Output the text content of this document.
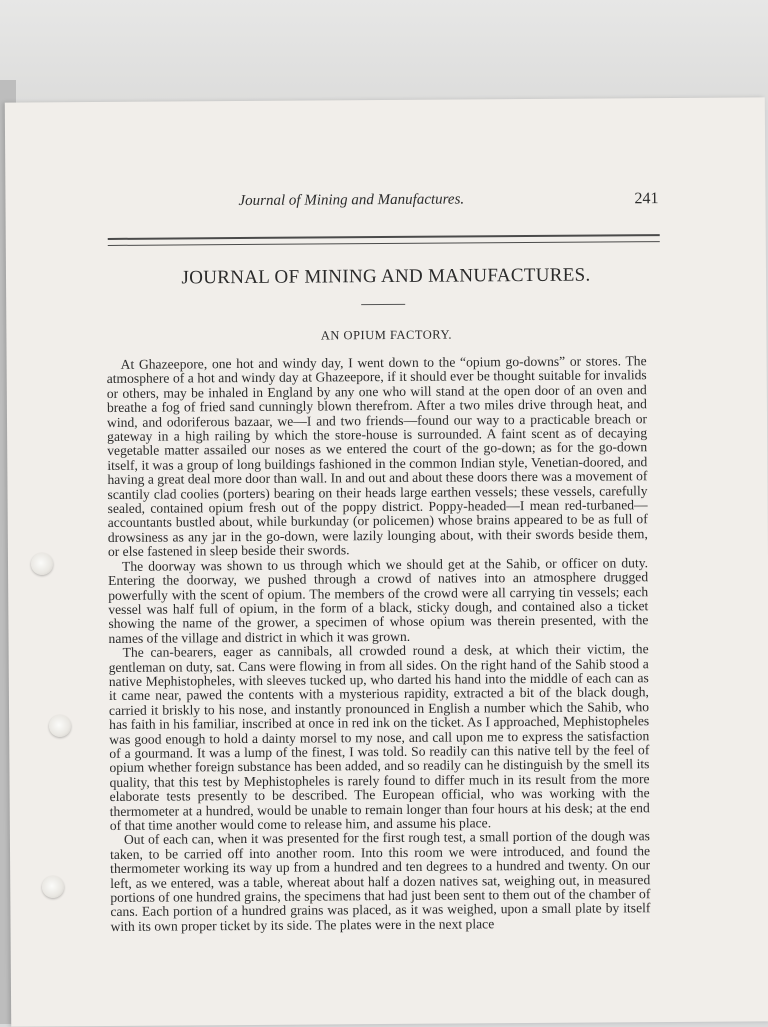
Journal of Mining and Manufactures.	241
JOURNAL OF MINING AND MANUFACTURES.
AN OPIUM FACTORY.

At Ghazeepore, one hot and windy day, I went down to the “opium go-downs” or stores. The atmosphere of a hot and windy day at Ghazeepore, if it should ever be thought suitable for invalids or others, may be inhaled in England by any one who will stand at the open door of an oven and breathe a fog of fried sand cunningly blown therefrom. After a two miles drive through heat, and wind, and odoriferous bazaar, we—I and two friends—found our way to a practicable breach or gateway in a high railing by which the store-house is surrounded. A faint scent as of decaying vegetable matter assailed our noses as we entered the court of the go-down; as for the go-down itself, it was a group of long buildings fashioned in the common Indian style, Venetian-doored, and having a great deal more door than wall. In and out and about these doors there was a movement of scantily clad coolies (porters) bearing on their heads large earthen vessels; these vessels, carefully sealed, contained opium fresh out of the poppy district. Poppy-headed—I mean red-turbaned—accountants bustled about, while burkunday (or policemen) whose brains appeared to be as full of drowsiness as any jar in the go-down, were lazily lounging about, with their swords beside them, or else fastened in sleep beside their swords.

The doorway was shown to us through which we should get at the Sahib, or officer on duty. Entering the doorway, we pushed through a crowd of natives into an atmosphere drugged powerfully with the scent of opium. The members of the crowd were all carrying tin vessels; each vessel was half full of opium, in the form of a black, sticky dough, and contained also a ticket showing the name of the grower, a specimen of whose opium was therein presented, with the names of the village and district in which it was grown.

The can-bearers, eager as cannibals, all crowded round a desk, at which their victim, the gentleman on duty, sat. Cans were flowing in from all sides. On the right hand of the Sahib stood a native Mephistopheles, with sleeves tucked up, who darted his hand into the middle of each can as it came near, pawed the contents with a mysterious rapidity, extracted a bit of the black dough, carried it briskly to his nose, and instantly pronounced in English a number which the Sahib, who has faith in his familiar, inscribed at once in red ink on the ticket. As I approached, Mephistopheles was good enough to hold a dainty morsel to my nose, and call upon me to express the satisfaction of a gourmand. It was a lump of the finest, I was told. So readily can this native tell by the feel of opium whether foreign substance has been added, and so readily can he distinguish by the smell its quality, that this test by Mephistopheles is rarely found to differ much in its result from the more elaborate tests presently to be described. The European official, who was working with the thermometer at a hundred, would be unable to remain longer than four hours at his desk; at the end of that time another would come to release him, and assume his place.

Out of each can, when it was presented for the first rough test, a small portion of the dough was taken, to be carried off into another room. Into this room we were introduced, and found the thermometer working its way up from a hundred and ten degrees to a hundred and twenty. On our left, as we entered, was a table, whereat about half a dozen natives sat, weighing out, in measured portions of one hundred grains, the specimens that had just been sent to them out of the chamber of cans. Each portion of a hundred grains was placed, as it was weighed, upon a small plate by itself with its own proper ticket by its side. The plates were in the next place
